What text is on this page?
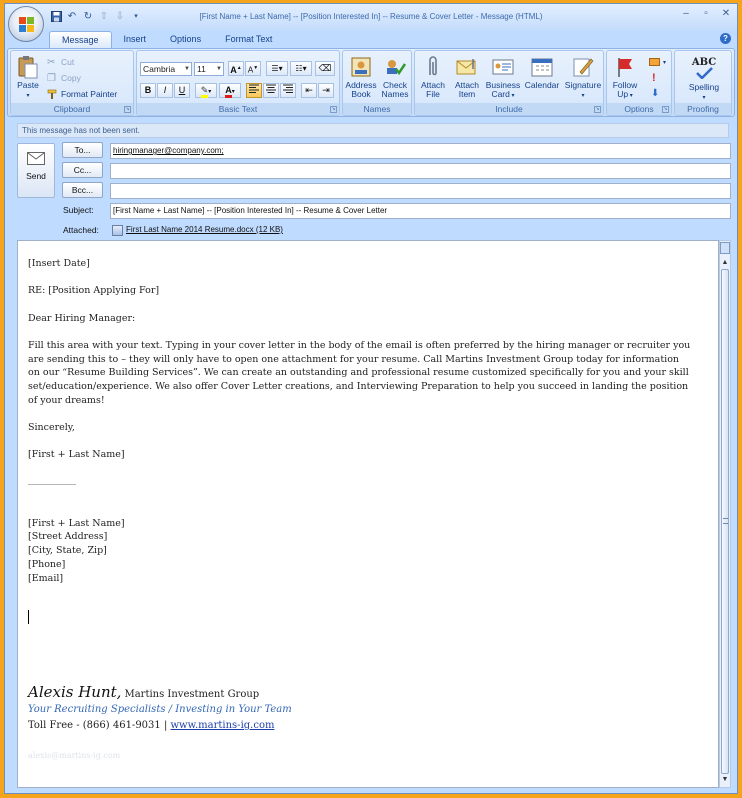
↶ ↻ ⇧ ⇩	▾	[First Name + Last Name] -- [Position Interested In] -- Resume & Cover Letter - Message (HTML)	–	▫	✕
Message	Insert	Options	Format Text	?
Paste
▾
✂ Cut
❐ Copy
Format Painter
Clipboard	↘
Cambria ▼ 11 ▼ A▲ A▼	☰▾	☷▾	⌫
B	I	U	✎▾	A▾	⇤	⇥
Basic Text	↘
Address
Book
Check
Names
Names
Attach
File
Attach
Item
Business
Card ▾
Calendar Signature
▾
Include	↘
Follow
Up ▾
▾
!
⬇
Options	↘
ABC
Spelling
▾
Proofing
This message has not been sent.
Send
To...	hiringmanager@company.com;
Cc...
Bcc...
Subject:	[First Name + Last Name] -- [Position Interested In] -- Resume & Cover Letter
Attached:	First Last Name 2014 Resume.docx (12 KB)

[Insert Date]

RE: [Position Applying For]

Dear Hiring Manager:

Fill this area with your text. Typing in your cover letter in the body of the email is often preferred by the hiring manager or recruiter you

are sending this to – they will only have to open one attachment for your resume. Call Martins Investment Group today for information

on our “Resume Building Services”. We can create an outstanding and professional resume customized specifically for you and your skill

set/education/experience. We also offer Cover Letter creations, and Interviewing Preparation to help you succeed in landing the position

of your dreams!

Sincerely,

[First + Last Name]

____________

[First + Last Name]

[Street Address]

[City, State, Zip]

[Phone]

[Email]

Alexis Hunt, Martins Investment Group

Your Recruiting Specialists / Investing in Your Team

Toll Free - (866) 461-9031 | www.martins-ig.com

alexis@martins-ig.com

▲
▼
